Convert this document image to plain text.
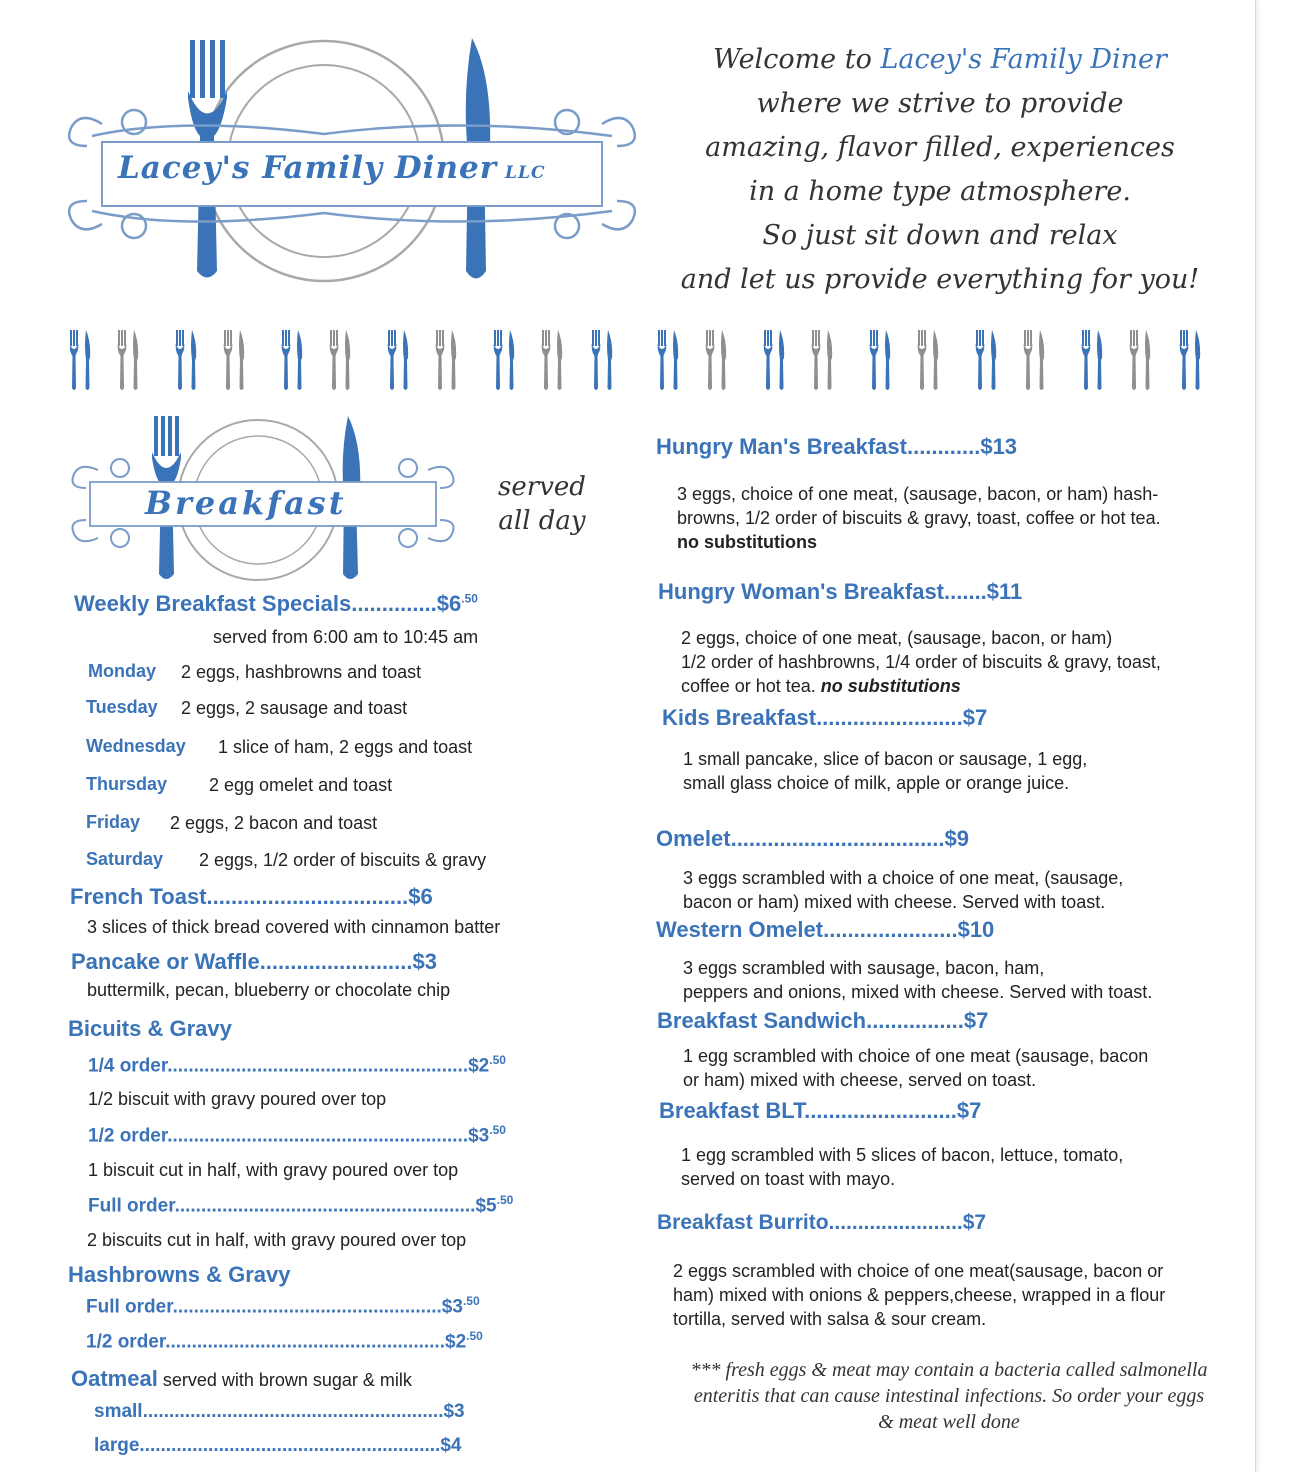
Lacey's Family Diner LLC
Welcome to Lacey's Family Diner
where we strive to provide
amazing, flavor filled, experiences
in a home type atmosphere.
So just sit down and relax
and let us provide everything for you!
Breakfast	served
all day
Weekly Breakfast $Specials..............\$6^{.50}$
served from 6:00 am to 10:45 am
Monday 2 eggs, hashbrowns and toast
Tuesday 2 eggs, 2 sausage and toast
Wednesday 1 slice of ham, 2 eggs and toast
Thursday 2 egg omelet and toast
Friday 2 eggs, 2 bacon and toast
Saturday 2 eggs, 1/2 order of biscuits & gravy
French Toast.................................$6
3 slices of thick bread covered with cinnamon batter
Pancake or Waffle.........................$3
buttermilk, pecan, blueberry or chocolate chip
Bicuits & Gravy
1/4 $order.........................................................\$2^{.50}$
1/2 biscuit with gravy poured over top
1/2 $order.........................................................\$3^{.50}$
1 biscuit cut in half, with gravy poured over top
Full $order.........................................................\$5^{.50}$
2 biscuits cut in half, with gravy poured over top
Hashbrowns & Gravy
Full $order...................................................\$3^{.50}$
1/2 $order.....................................................\$2^{.50}$
Oatmeal served with brown sugar & milk
small.........................................................$3
large.........................................................$4
Hungry Man's Breakfast............$13
3 eggs, choice of one meat, (sausage, bacon, or ham) hash-
browns, 1/2 order of biscuits & gravy, toast, coffee or hot tea.
no substitutions
Hungry Woman's Breakfast.......$11
2 eggs, choice of one meat, (sausage, bacon, or ham)
1/2 order of hashbrowns, 1/4 order of biscuits & gravy, toast,
coffee or hot tea. no substitutions
Kids Breakfast........................$7
1 small pancake, slice of bacon or sausage, 1 egg,
small glass choice of milk, apple or orange juice.
Omelet...................................$9
3 eggs scrambled with a choice of one meat, (sausage,
bacon or ham) mixed with cheese. Served with toast.
Western Omelet......................$10
3 eggs scrambled with sausage, bacon, ham,
peppers and onions, mixed with cheese. Served with toast.
Breakfast Sandwich................$7
1 egg scrambled with choice of one meat (sausage, bacon
or ham) mixed with cheese, served on toast.
Breakfast BLT.........................$7
1 egg scrambled with 5 slices of bacon, lettuce, tomato,
served on toast with mayo.
Breakfast Burrito.......................$7
2 eggs scrambled with choice of one meat(sausage, bacon or
ham) mixed with onions & peppers,cheese, wrapped in a flour
tortilla, served with salsa & sour cream.
*** fresh eggs & meat may contain a bacteria called salmonella
enteritis that can cause intestinal infections. So order your eggs
& meat well done
